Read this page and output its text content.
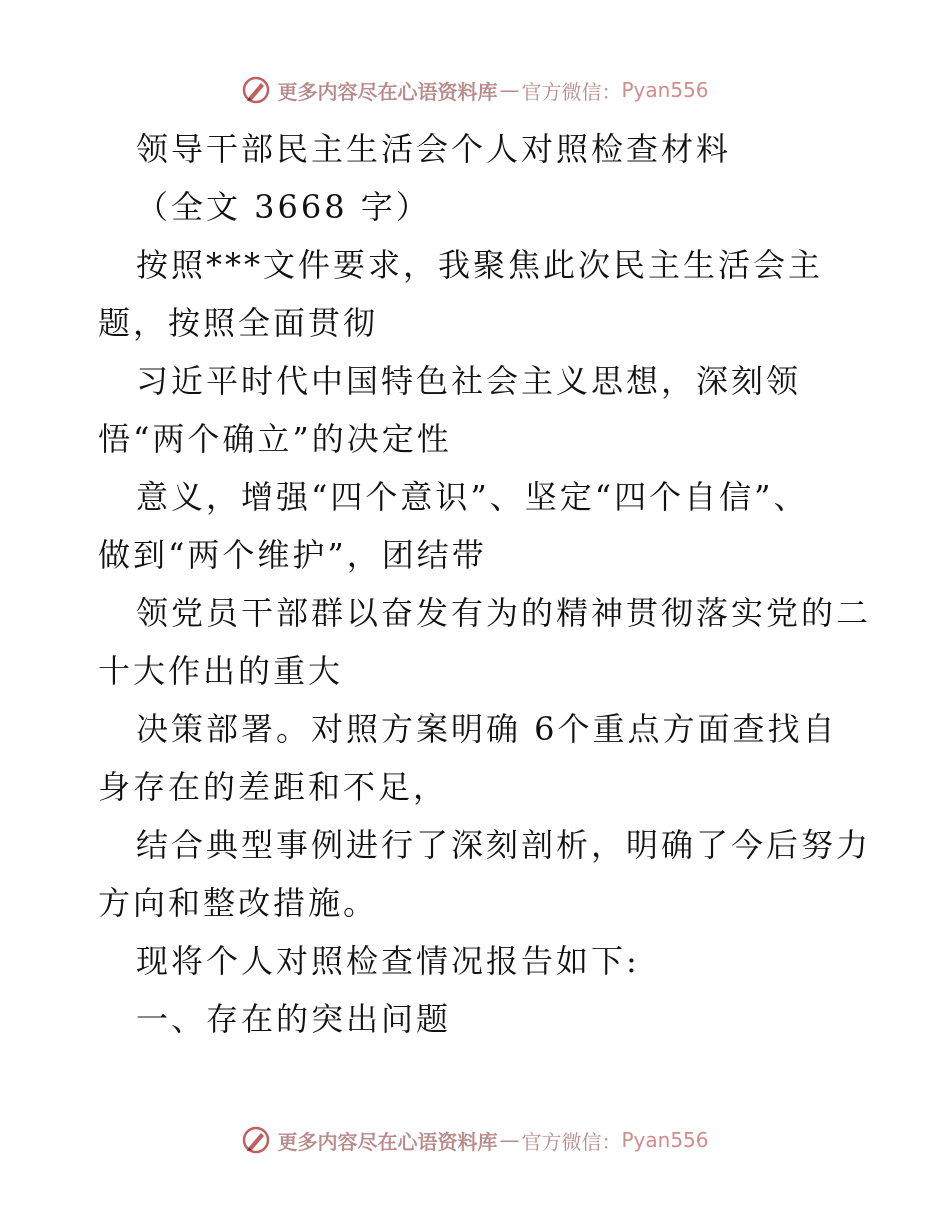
更多内容尽在心语资料库 — 官方微信： Pyan556
领导干部民主生活会个人对照检查材料
（全文 3668 字）
按照***文件要求，我聚焦此次民主生活会主
题，按照全面贯彻
习近平时代中国特色社会主义思想，深刻领
悟“两个确立”的决定性
意义，增强“四个意识”、坚定“四个自信”、
做到“两个维护”，团结带
领党员干部群以奋发有为的精神贯彻落实党的二
十大作出的重大
决策部署。对照方案明确 6个重点方面查找自
身存在的差距和不足，
结合典型事例进行了深刻剖析，明确了今后努力
方向和整改措施。
现将个人对照检查情况报告如下:
一、存在的突出问题
更多内容尽在心语资料库 — 官方微信： Pyan556
